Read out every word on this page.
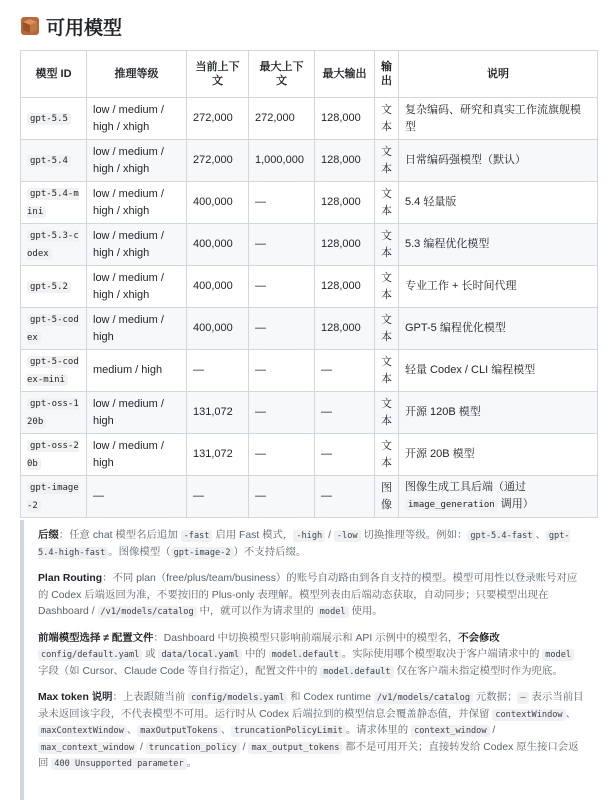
可用模型
模型 ID	推理等级	当前上下文	最大上下文	最大输出	输出	说明
gpt-5.5	low / medium / high / xhigh	272,000	272,000	128,000	文本	复杂编码、研究和真实工作流旗舰模型
gpt-5.4	low / medium / high / xhigh	272,000	1,000,000	128,000	文本	日常编码强模型（默认）
gpt-5.4-mini	low / medium / high / xhigh	400,000	—	128,000	文本	5.4 轻量版
gpt-5.3-codex	low / medium / high / xhigh	400,000	—	128,000	文本	5.3 编程优化模型
gpt-5.2	low / medium / high / xhigh	400,000	—	128,000	文本	专业工作 + 长时间代理
gpt-5-codex	low / medium / high	400,000	—	128,000	文本	GPT-5 编程优化模型
gpt-5-codex-mini	medium / high	—	—	—	文本	轻量 Codex / CLI 编程模型
gpt-oss-120b	low / medium / high	131,072	—	—	文本	开源 120B 模型
gpt-oss-20b	low / medium / high	131,072	—	—	文本	开源 20B 模型
gpt-image-2	—	—	—	—	图像	图像生成工具后端（通过 image_generation 调用）

后缀：任意 chat 模型名后追加 -fast 启用 Fast 模式， -high / -low 切换推理等级。例如： gpt-5.4-fast 、 gpt-5.4-high-fast 。图像模型（ gpt-image-2 ）不支持后缀。

Plan Routing：不同 plan（free/plus/team/business）的账号自动路由到各自支持的模型。模型可用性以登录账号对应的 Codex 后端返回为准，不要按旧的 Plus-only 表理解。模型列表由后端动态获取，自动同步；只要模型出现在 Dashboard / /v1/models/catalog 中，就可以作为请求里的 model 使用。

前端模型选择 ≠ 配置文件：Dashboard 中切换模型只影响前端展示和 API 示例中的模型名，不会修改 config/default.yaml 或 data/local.yaml 中的 model.default 。实际使用哪个模型取决于客户端请求中的 model 字段（如 Cursor、Claude Code 等自行指定），配置文件中的 model.default 仅在客户端未指定模型时作为兜底。

Max token 说明：上表跟随当前 config/models.yaml 和 Codex runtime /v1/models/catalog 元数据； — 表示当前目录未返回该字段，不代表模型不可用。运行时从 Codex 后端拉到的模型信息会覆盖静态值，并保留 contextWindow 、maxContextWindow 、 maxOutputTokens 、 truncationPolicyLimit 。请求体里的 context_window / max_context_window / truncation_policy / max_output_tokens 都不是可用开关；直接转发给 Codex 原生接口会返回 400 Unsupported parameter 。
